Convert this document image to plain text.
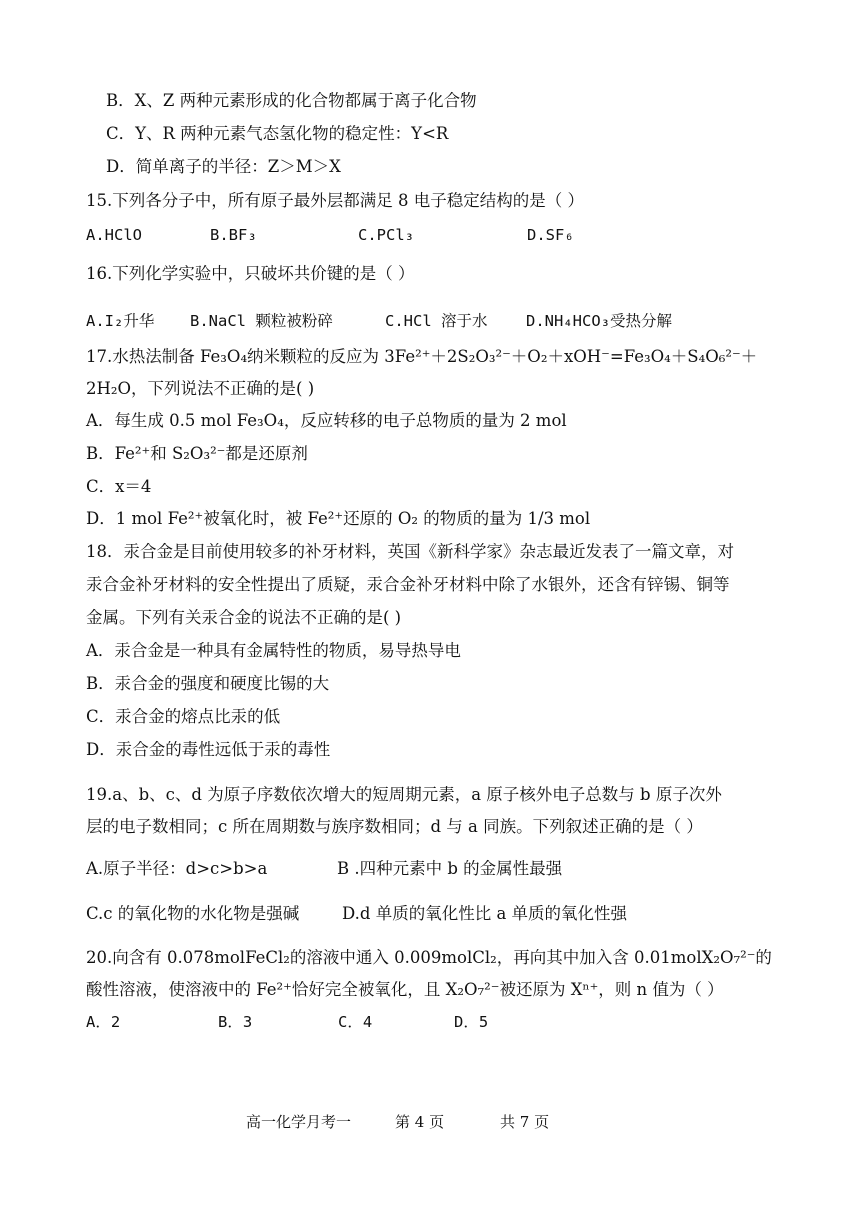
B．X、Z 两种元素形成的化合物都属于离子化合物
C．Y、R 两种元素气态氢化物的稳定性：Y<R
D．简单离子的半径：Z＞M＞X
15.下列各分子中，所有原子最外层都满足 8 电子稳定结构的是（ ）
A.HClO	B.BF₃	C.PCl₃	D.SF₆
16.下列化学实验中，只破坏共价键的是（ ）
A.I₂升华 B.NaCl 颗粒被粉碎	C.HCl 溶于水 D.NH₄HCO₃受热分解
17.水热法制备 Fe₃O₄纳米颗粒的反应为 3Fe²⁺＋2S₂O₃²⁻＋O₂＋xOH⁻=Fe₃O₄＋S₄O₆²⁻＋
2H₂O，下列说法不正确的是( )
A．每生成 0.5 mol Fe₃O₄，反应转移的电子总物质的量为 2 mol
B．Fe²⁺和 S₂O₃²⁻都是还原剂
C．x＝4
D．1 mol Fe²⁺被氧化时，被 Fe²⁺还原的 O₂ 的物质的量为 1/3 mol
18．汞合金是目前使用较多的补牙材料，英国《新科学家》杂志最近发表了一篇文章，对
汞合金补牙材料的安全性提出了质疑，汞合金补牙材料中除了水银外，还含有锌锡、铜等
金属。下列有关汞合金的说法不正确的是( )
A．汞合金是一种具有金属特性的物质，易导热导电
B．汞合金的强度和硬度比锡的大
C．汞合金的熔点比汞的低
D．汞合金的毒性远低于汞的毒性
19.a、b、c、d 为原子序数依次增大的短周期元素，a 原子核外电子总数与 b 原子次外
层的电子数相同；c 所在周期数与族序数相同；d 与 a 同族。下列叙述正确的是（ ）
A.原子半径：d>c>b>a	B .四种元素中 b 的金属性最强
C.c 的氧化物的水化物是强碱	D.d 单质的氧化性比 a 单质的氧化性强
20.向含有 0.078molFeCl₂的溶液中通入 0.009molCl₂，再向其中加入含 0.01molX₂O₇²⁻的
酸性溶液，使溶液中的 Fe²⁺恰好完全被氧化，且 X₂O₇²⁻被还原为 Xⁿ⁺，则 n 值为（ ）
A．2	B．3	C．4	D．5
高一化学月考一	第 4 页	共 7 页
